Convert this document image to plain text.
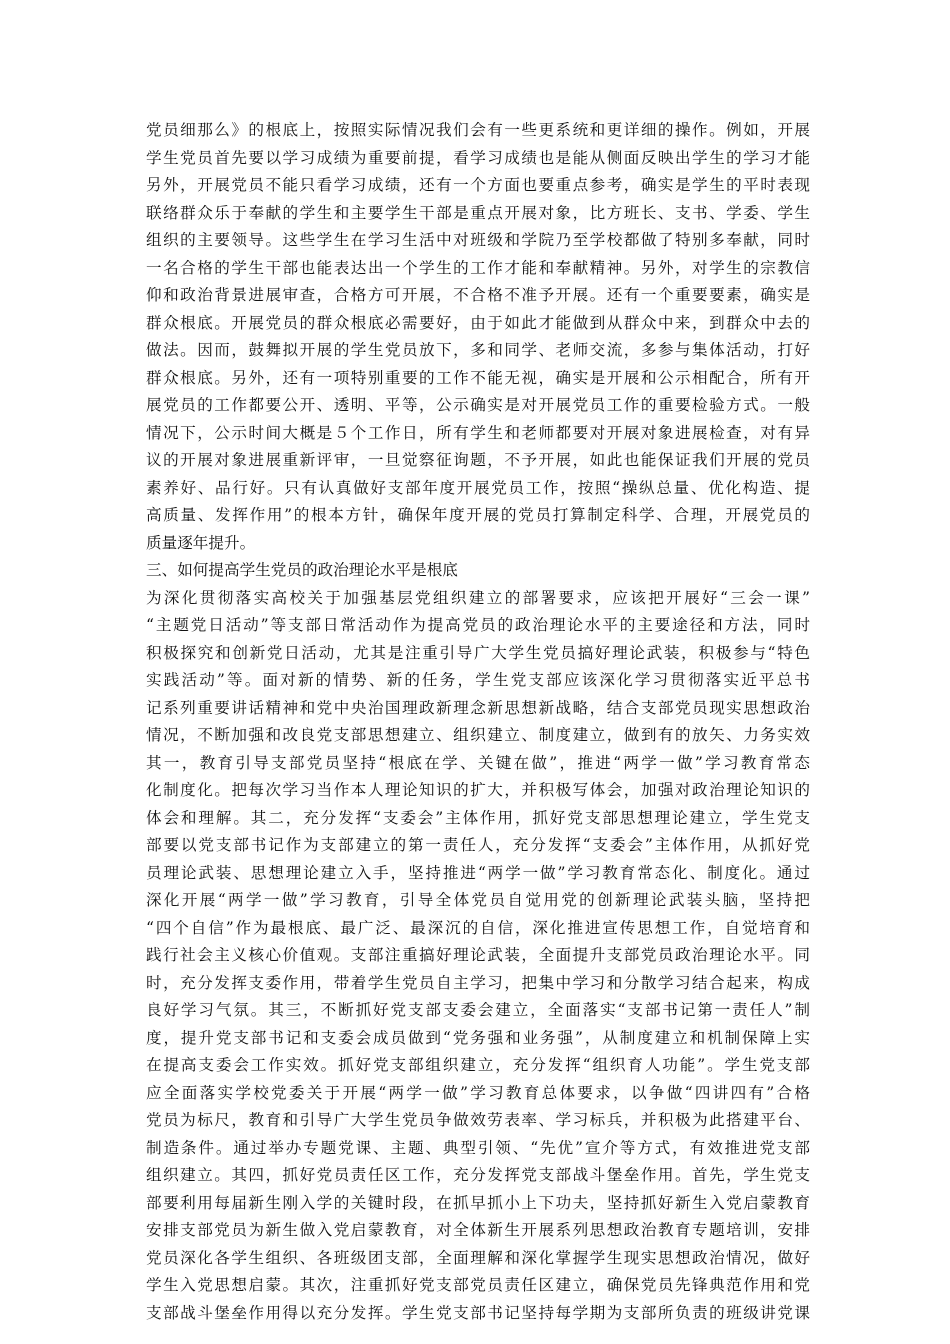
党员细那么》的根底上，按照实际情况我们会有一些更系统和更详细的操作。例如，开展
学生党员首先要以学习成绩为重要前提，看学习成绩也是能从侧面反映出学生的学习才能
另外，开展党员不能只看学习成绩，还有一个方面也要重点参考，确实是学生的平时表现
联络群众乐于奉献的学生和主要学生干部是重点开展对象，比方班长、支书、学委、学生
组织的主要领导。这些学生在学习生活中对班级和学院乃至学校都做了特别多奉献，同时
一名合格的学生干部也能表达出一个学生的工作才能和奉献精神。另外，对学生的宗教信
仰和政治背景进展审查，合格方可开展，不合格不准予开展。还有一个重要要素，确实是
群众根底。开展党员的群众根底必需要好，由于如此才能做到从群众中来，到群众中去的
做法。因而，鼓舞拟开展的学生党员放下，多和同学、老师交流，多参与集体活动，打好
群众根底。另外，还有一项特别重要的工作不能无视，确实是开展和公示相配合，所有开
展党员的工作都要公开、透明、平等，公示确实是对开展党员工作的重要检验方式。一般
情况下，公示时间大概是５个工作日，所有学生和老师都要对开展对象进展检查，对有异
议的开展对象进展重新评审，一旦觉察征询题，不予开展，如此也能保证我们开展的党员
素养好、品行好。只有认真做好支部年度开展党员工作，按照“操纵总量、优化构造、提
高质量、发挥作用”的根本方针，确保年度开展的党员打算制定科学、合理，开展党员的
质量逐年提升。
三、如何提高学生党员的政治理论水平是根底
为深化贯彻落实高校关于加强基层党组织建立的部署要求，应该把开展好“三会一课”
“主题党日活动”等支部日常活动作为提高党员的政治理论水平的主要途径和方法，同时
积极探究和创新党日活动，尤其是注重引导广大学生党员搞好理论武装，积极参与“特色
实践活动”等。面对新的情势、新的任务，学生党支部应该深化学习贯彻落实近平总书
记系列重要讲话精神和党中央治国理政新理念新思想新战略，结合支部党员现实思想政治
情况，不断加强和改良党支部思想建立、组织建立、制度建立，做到有的放矢、力务实效
其一，教育引导支部党员坚持“根底在学、关键在做”，推进“两学一做”学习教育常态
化制度化。把每次学习当作本人理论知识的扩大，并积极写体会，加强对政治理论知识的
体会和理解。其二，充分发挥“支委会”主体作用，抓好党支部思想理论建立，学生党支
部要以党支部书记作为支部建立的第一责任人，充分发挥“支委会”主体作用，从抓好党
员理论武装、思想理论建立入手，坚持推进“两学一做”学习教育常态化、制度化。通过
深化开展“两学一做”学习教育，引导全体党员自觉用党的创新理论武装头脑，坚持把
“四个自信”作为最根底、最广泛、最深沉的自信，深化推进宣传思想工作，自觉培育和
践行社会主义核心价值观。支部注重搞好理论武装，全面提升支部党员政治理论水平。同
时，充分发挥支委作用，带着学生党员自主学习，把集中学习和分散学习结合起来，构成
良好学习气氛。其三，不断抓好党支部支委会建立，全面落实“支部书记第一责任人”制
度，提升党支部书记和支委会成员做到“党务强和业务强”，从制度建立和机制保障上实
在提高支委会工作实效。抓好党支部组织建立，充分发挥“组织育人功能”。学生党支部
应全面落实学校党委关于开展“两学一做”学习教育总体要求，以争做“四讲四有”合格
党员为标尺，教育和引导广大学生党员争做效劳表率、学习标兵，并积极为此搭建平台、
制造条件。通过举办专题党课、主题、典型引领、“先优”宣介等方式，有效推进党支部
组织建立。其四，抓好党员责任区工作，充分发挥党支部战斗堡垒作用。首先，学生党支
部要利用每届新生刚入学的关键时段，在抓早抓小上下功夫，坚持抓好新生入党启蒙教育
安排支部党员为新生做入党启蒙教育，对全体新生开展系列思想政治教育专题培训，安排
党员深化各学生组织、各班级团支部，全面理解和深化掌握学生现实思想政治情况，做好
学生入党思想启蒙。其次，注重抓好党支部党员责任区建立，确保党员先锋典范作用和党
支部战斗堡垒作用得以充分发挥。学生党支部书记坚持每学期为支部所负责的班级讲党课
